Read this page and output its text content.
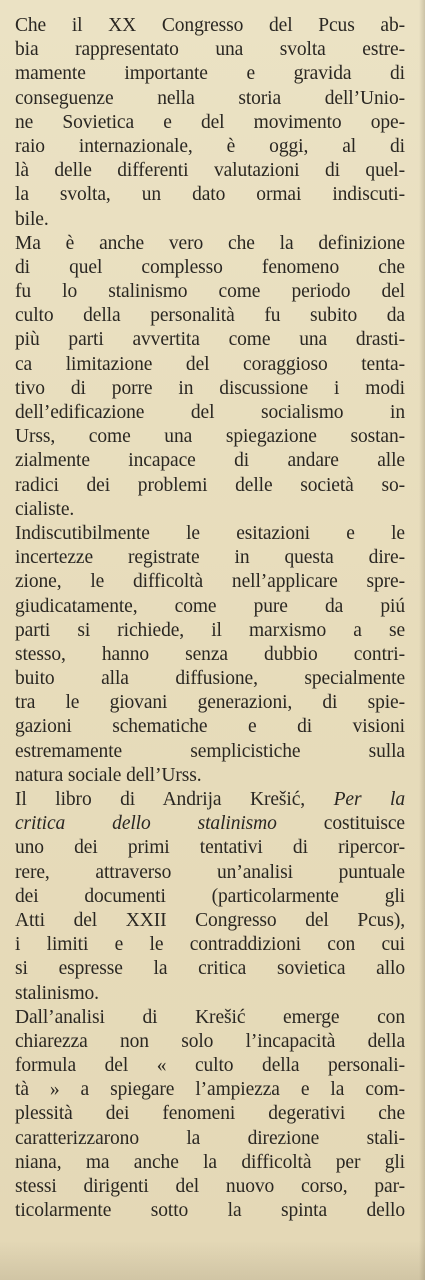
Che il XX Congresso del Pcus ab-
bia rappresentato una svolta estre-
mamente importante e gravida di
conseguenze nella storia dell’Unio-
ne Sovietica e del movimento ope-
raio internazionale, è oggi, al di
là delle differenti valutazioni di quel-
la svolta, un dato ormai indiscuti-
bile.
Ma è anche vero che la definizione
di quel complesso fenomeno che
fu lo stalinismo come periodo del
culto della personalità fu subito da
più parti avvertita come una drasti-
ca limitazione del coraggioso tenta-
tivo di porre in discussione i modi
dell’edificazione del socialismo in
Urss, come una spiegazione sostan-
zialmente incapace di andare alle
radici dei problemi delle società so-
cialiste.
Indiscutibilmente le esitazioni e le
incertezze registrate in questa dire-
zione, le difficoltà nell’applicare spre-
giudicatamente, come pure da piú
parti si richiede, il marxismo a se
stesso, hanno senza dubbio contri-
buito alla diffusione, specialmente
tra le giovani generazioni, di spie-
gazioni schematiche e di visioni
estremamente semplicistiche sulla
natura sociale dell’Urss.
Il libro di Andrija Krešić, Per la
critica dello stalinismo costituisce
uno dei primi tentativi di ripercor-
rere, attraverso un’analisi puntuale
dei documenti (particolarmente gli
Atti del XXII Congresso del Pcus),
i limiti e le contraddizioni con cui
si espresse la critica sovietica allo
stalinismo.
Dall’analisi di Krešić emerge con
chiarezza non solo l’incapacità della
formula del « culto della personali-
tà » a spiegare l’ampiezza e la com-
plessità dei fenomeni degerativi che
caratterizzarono la direzione stali-
niana, ma anche la difficoltà per gli
stessi dirigenti del nuovo corso, par-
ticolarmente sotto la spinta dello
